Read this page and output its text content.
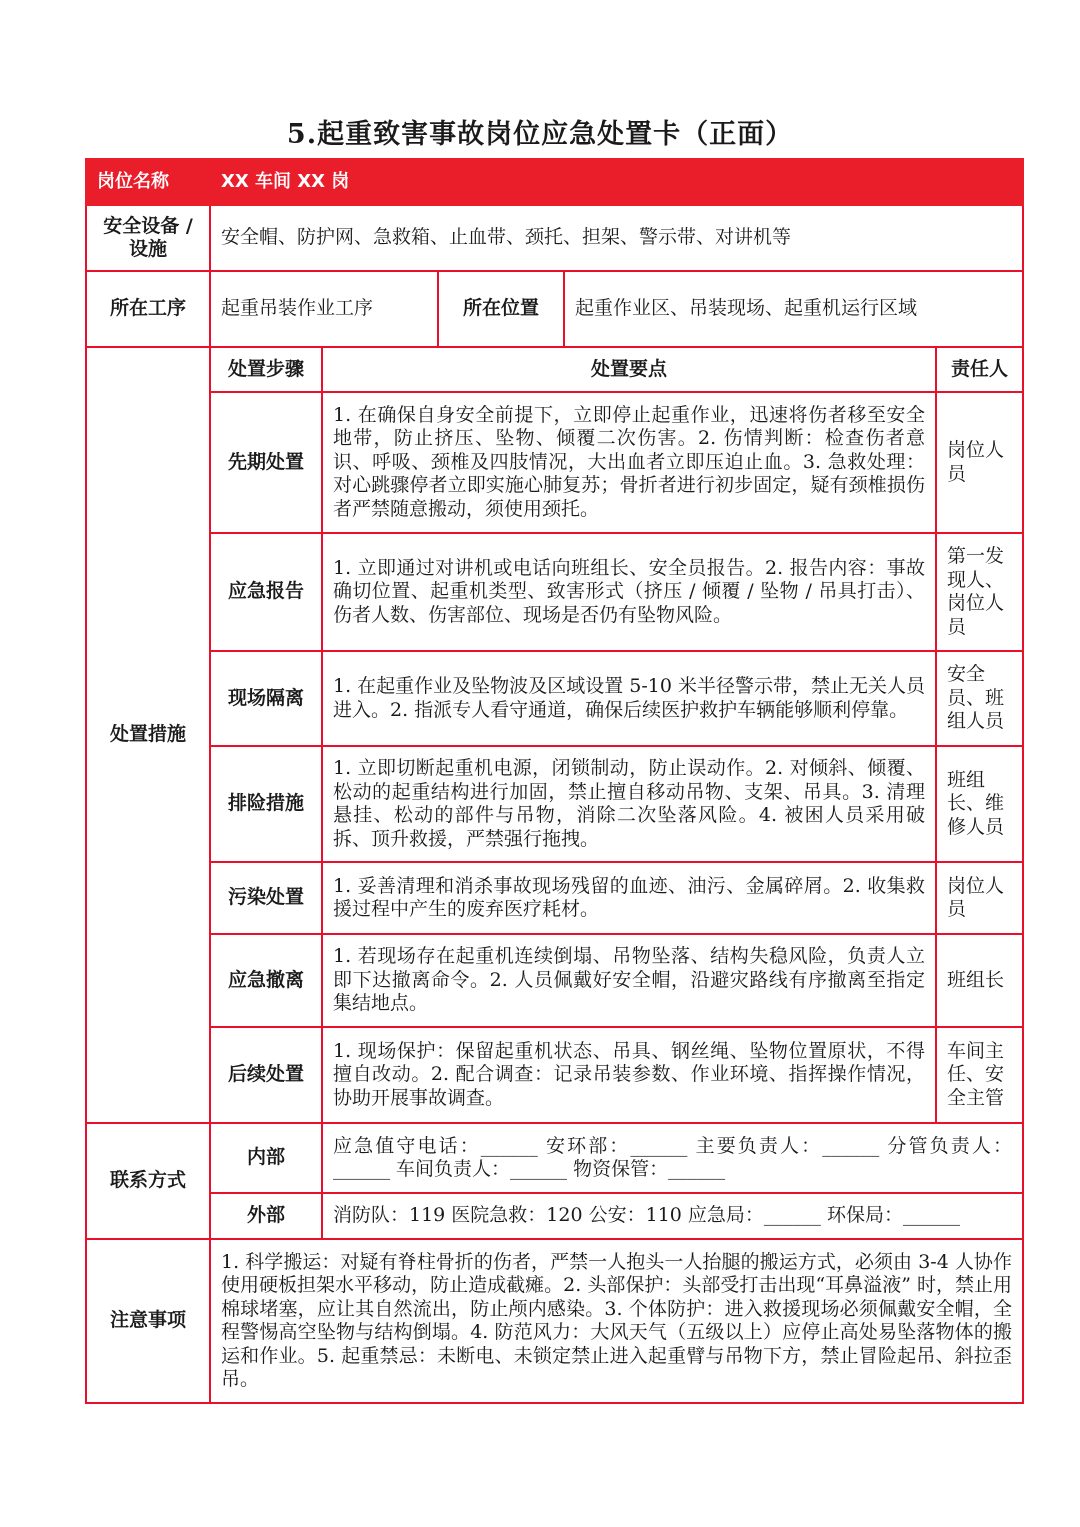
5.起重致害事故岗位应急处置卡（正面）
岗位名称	XX 车间 XX 岗				
安全设备 / 设施	安全帽、防护网、急救箱、止血带、颈托、担架、警示带、对讲机等				
所在工序	起重吊装作业工序		所在位置	起重作业区、吊装现场、起重机运行区域	
处置措施	处置步骤	处置要点			责任人
	先期处置	1. 在确保自身安全前提下，立即停止起重作业，迅速将伤者移至安全地带，防止挤压、坠物、倾覆二次伤害。2. 伤情判断：检查伤者意识、呼吸、颈椎及四肢情况，大出血者立即压迫止血。3. 急救处理：对心跳骤停者立即实施心肺复苏；骨折者进行初步固定，疑有颈椎损伤者严禁随意搬动，须使用颈托。			岗位人员
	应急报告	1. 立即通过对讲机或电话向班组长、安全员报告。2. 报告内容：事故确切位置、起重机类型、致害形式（挤压 / 倾覆 / 坠物 / 吊具打击）、伤者人数、伤害部位、现场是否仍有坠物风险。			第一发现人、岗位人员
	现场隔离	1. 在起重作业及坠物波及区域设置 5-10 米半径警示带，禁止无关人员进入。2. 指派专人看守通道，确保后续医护救护车辆能够顺利停靠。			安全员、班组人员
	排险措施	1. 立即切断起重机电源，闭锁制动，防止误动作。2. 对倾斜、倾覆、松动的起重结构进行加固，禁止擅自移动吊物、支架、吊具。3. 清理悬挂、松动的部件与吊物，消除二次坠落风险。4. 被困人员采用破拆、顶升救援，严禁强行拖拽。			班组长、维修人员
	污染处置	1. 妥善清理和消杀事故现场残留的血迹、油污、金属碎屑。2. 收集救援过程中产生的废弃医疗耗材。			岗位人员
	应急撤离	1. 若现场存在起重机连续倒塌、吊物坠落、结构失稳风险，负责人立即下达撤离命令。2. 人员佩戴好安全帽，沿避灾路线有序撤离至指定集结地点。			班组长
	后续处置	1. 现场保护：保留起重机状态、吊具、钢丝绳、坠物位置原状，不得擅自改动。2. 配合调查：记录吊装参数、作业环境、指挥操作情况，协助开展事故调查。			车间主任、安全主管
联系方式	内部	应急值守电话：______ 安环部：______ 主要负责人：______ 分管负责人：______ 车间负责人：______ 物资保管：______			
	外部	消防队：119 医院急救：120 公安：110 应急局：______ 环保局：______			
注意事项	1. 科学搬运：对疑有脊柱骨折的伤者，严禁一人抱头一人抬腿的搬运方式，必须由 3-4 人协作使用硬板担架水平移动，防止造成截瘫。2. 头部保护：头部受打击出现“耳鼻溢液” 时，禁止用棉球堵塞，应让其自然流出，防止颅内感染。3. 个体防护：进入救援现场必须佩戴安全帽，全程警惕高空坠物与结构倒塌。4. 防范风力：大风天气（五级以上）应停止高处易坠落物体的搬运和作业。5. 起重禁忌：未断电、未锁定禁止进入起重臂与吊物下方，禁止冒险起吊、斜拉歪吊。				
